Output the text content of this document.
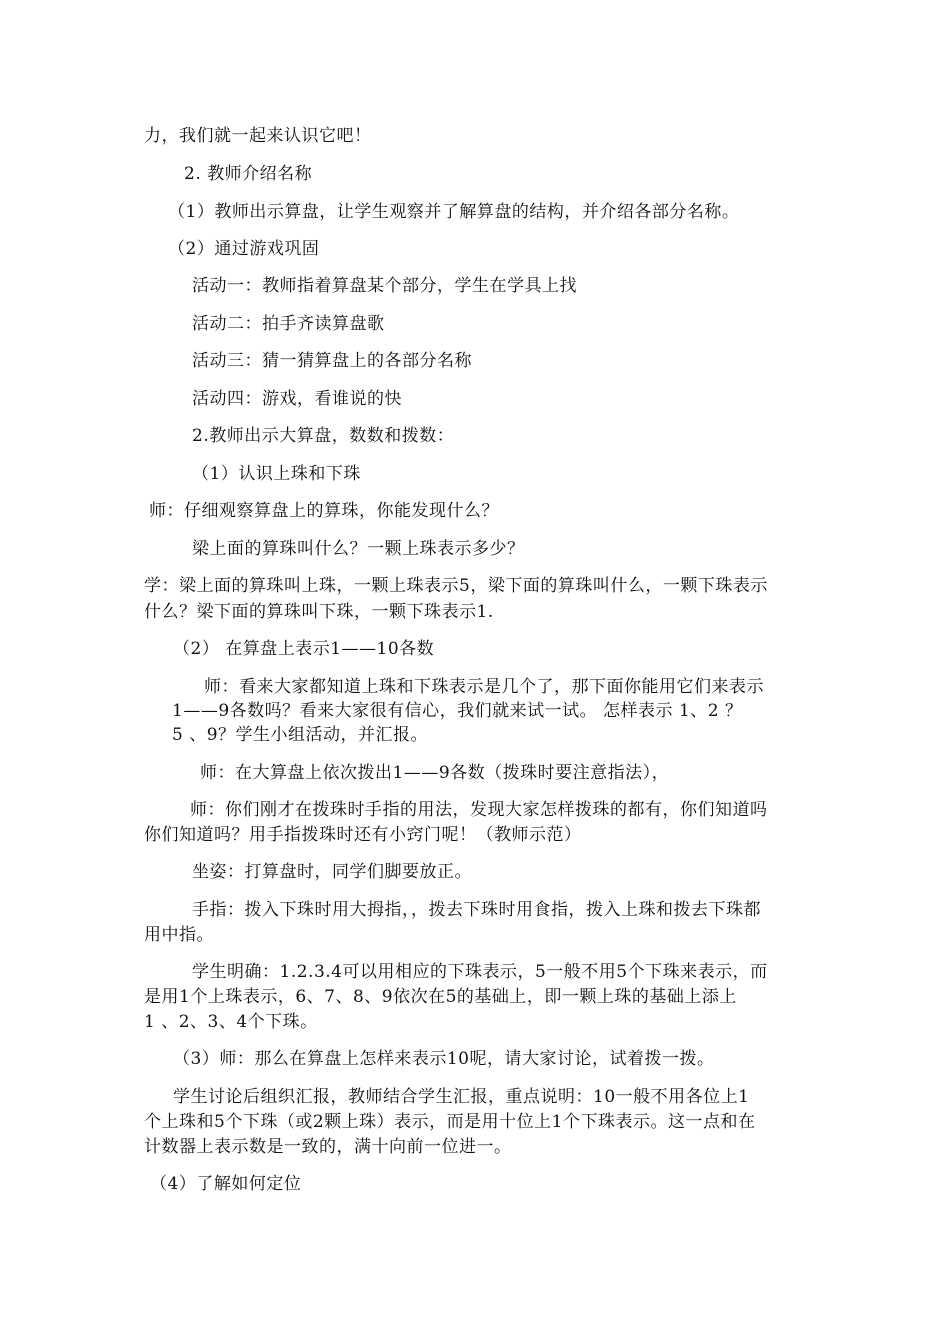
力，我们就一起来认识它吧！
2. 教师介绍名称
（1）教师出示算盘，让学生观察并了解算盘的结构，并介绍各部分名称。
（2）通过游戏巩固
活动一：教师指着算盘某个部分，学生在学具上找
活动二：拍手齐读算盘歌
活动三：猜一猜算盘上的各部分名称
活动四：游戏，看谁说的快
2.教师出示大算盘，数数和拨数：
（1）认识上珠和下珠
师：仔细观察算盘上的算珠，你能发现什么？
梁上面的算珠叫什么？一颗上珠表示多少？
学：梁上面的算珠叫上珠，一颗上珠表示5，梁下面的算珠叫什么，一颗下珠表示
什么？梁下面的算珠叫下珠，一颗下珠表示1.
（2） 在算盘上表示1——10各数
师：看来大家都知道上珠和下珠表示是几个了，那下面你能用它们来表示
1——9各数吗？看来大家很有信心，我们就来试一试。 怎样表示 1、2 ？
5 、9？学生小组活动，并汇报。
师：在大算盘上依次拨出1——9各数（拨珠时要注意指法），
师：你们刚才在拨珠时手指的用法，发现大家怎样拨珠的都有，你们知道吗
你们知道吗？用手指拨珠时还有小窍门呢！（教师示范）
坐姿：打算盘时，同学们脚要放正。
手指：拨入下珠时用大拇指，，拨去下珠时用食指，拨入上珠和拨去下珠都
用中指。
学生明确：1.2.3.4可以用相应的下珠表示，5一般不用5个下珠来表示，而
是用1个上珠表示，6、7、8、9依次在5的基础上，即一颗上珠的基础上添上
1 、2、3、4个下珠。
（3）师：那么在算盘上怎样来表示10呢，请大家讨论，试着拨一拨。
学生讨论后组织汇报，教师结合学生汇报，重点说明：10一般不用各位上1
个上珠和5个下珠（或2颗上珠）表示，而是用十位上1个下珠表示。这一点和在
计数器上表示数是一致的，满十向前一位进一。
（4）了解如何定位
